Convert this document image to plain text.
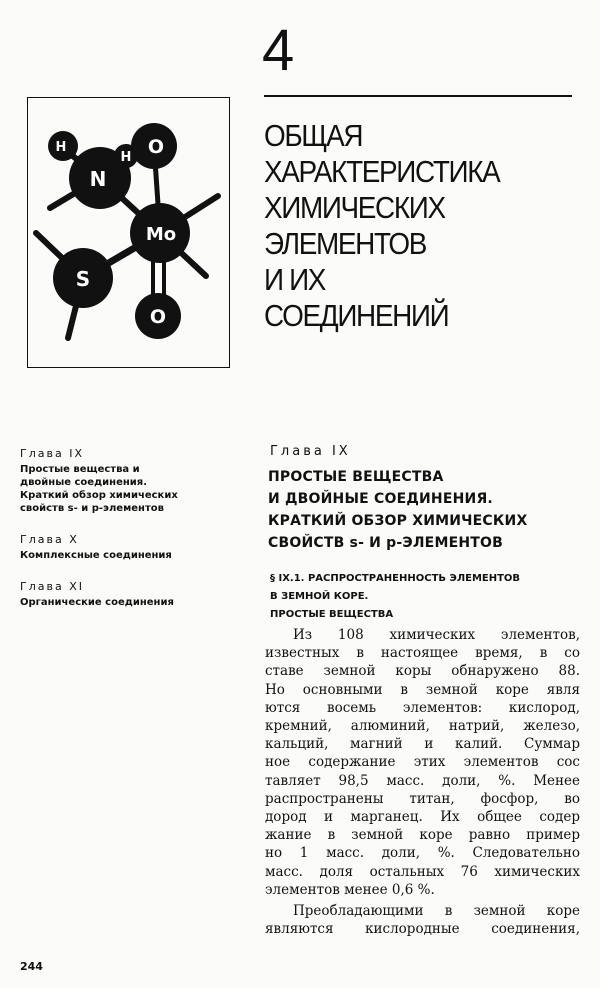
4
ОБЩАЯ
ХАРАКТЕРИСТИКА
ХИМИЧЕСКИХ
ЭЛЕМЕНТОВ
И ИХ
СОЕДИНЕНИЙ
H
N
H O
Mo
S
O
Глава IX
Простые вещества и
двойные соединения.
Краткий обзор химических
свойств s- и p-элементов
Глава X
Комплексные соединения
Глава XI
Органические соединения
Глава IX
ПРОСТЫЕ ВЕЩЕСТВА
И ДВОЙНЫЕ СОЕДИНЕНИЯ.
КРАТКИЙ ОБЗОР ХИМИЧЕСКИХ
СВОЙСТВ s- И p-ЭЛЕМЕНТОВ
§ IX.1. РАСПРОСТРАНЕННОСТЬ ЭЛЕМЕНТОВ
В ЗЕМНОЙ КОРЕ.
ПРОСТЫЕ ВЕЩЕСТВА
Из 108 химических элементов,
известных в настоящее время, в со
ставе земной коры обнаружено 88.
Но основными в земной коре явля
ются восемь элементов: кислород,
кремний, алюминий, натрий, железо,
кальций, магний и калий. Суммар
ное содержание этих элементов сос
тавляет 98,5 масс. доли, %. Менее
распространены титан, фосфор, во
дород и марганец. Их общее содер
жание в земной коре равно пример
но 1 масс. доли, %. Следовательно
масс. доля остальных 76 химических
элементов менее 0,6 %.
Преобладающими в земной коре
являются кислородные соединения,
244
